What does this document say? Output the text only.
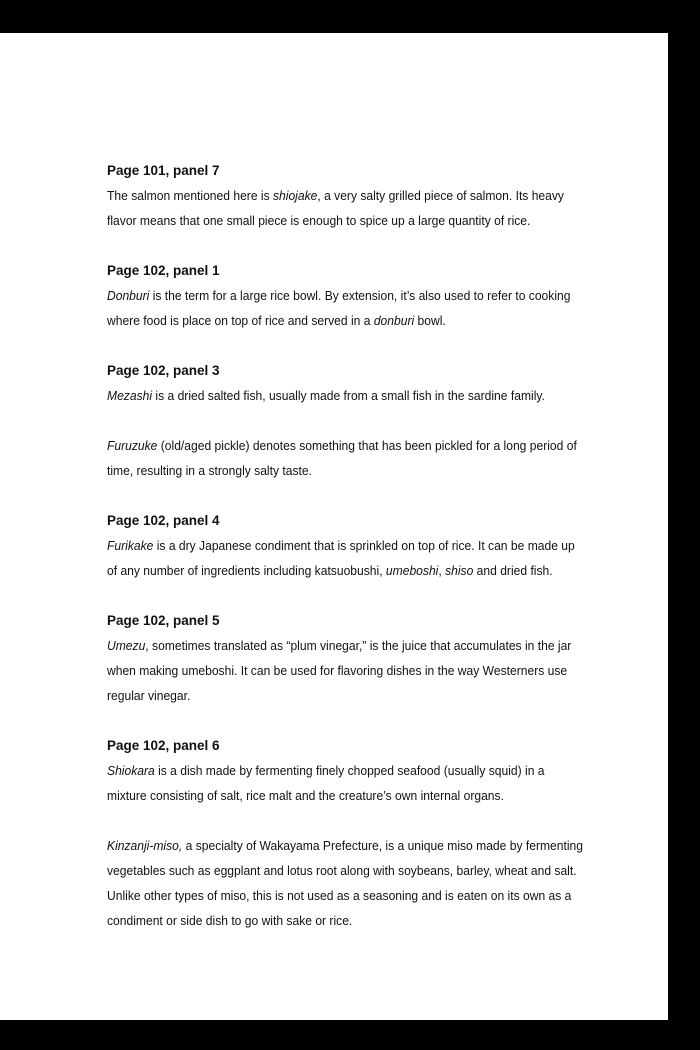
Page 101, panel 7

The salmon mentioned here is shiojake, a very salty grilled piece of salmon. Its heavy flavor means that one small piece is enough to spice up a large quantity of rice.

Page 102, panel 1

Donburi is the term for a large rice bowl. By extension, it’s also used to refer to cooking where food is place on top of rice and served in a donburi bowl.

Page 102, panel 3

Mezashi is a dried salted fish, usually made from a small fish in the sardine family.

Furuzuke (old/aged pickle) denotes something that has been pickled for a long period of time, resulting in a strongly salty taste.

Page 102, panel 4

Furikake is a dry Japanese condiment that is sprinkled on top of rice. It can be made up of any number of ingredients including katsuobushi, umeboshi, shiso and dried fish.

Page 102, panel 5

Umezu, sometimes translated as “plum vinegar,” is the juice that accumulates in the jar when making umeboshi. It can be used for flavoring dishes in the way Westerners use regular vinegar.

Page 102, panel 6

Shiokara is a dish made by fermenting finely chopped seafood (usually squid) in a mixture consisting of salt, rice malt and the creature’s own internal organs.

Kinzanji-miso, a specialty of Wakayama Prefecture, is a unique miso made by fermenting vegetables such as eggplant and lotus root along with soybeans, barley, wheat and salt. Unlike other types of miso, this is not used as a seasoning and is eaten on its own as a condiment or side dish to go with sake or rice.
